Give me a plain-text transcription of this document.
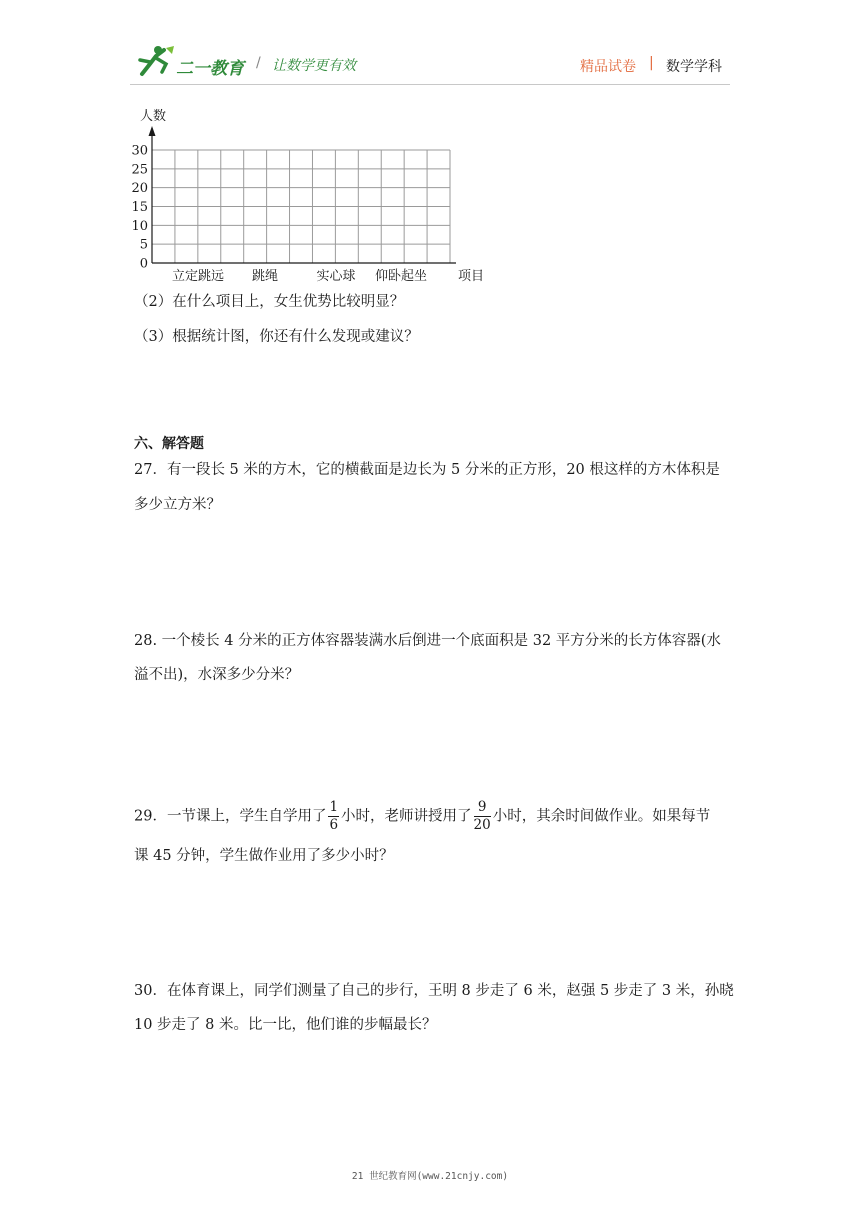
二一教育 / 让数学更有效	精品试卷 | 数学学科
0
5
10
15
20
25
30
立定跳远 跳绳	实心球 仰卧起坐
人数
项目
（2）在什么项目上，女生优势比较明显？
（3）根据统计图，你还有什么发现或建议？
六、解答题
27．有一段长 5 米的方木，它的横截面是边长为 5 分米的正方形，20 根这样的方木体积是
多少立方米？
28. 一个棱长 4 分米的正方体容器装满水后倒进一个底面积是 32 平方分米的长方体容器(水
溢不出)，水深多少分米？
29．一节课上，学生自学用了 $\frac{1}{6}$ 小时，老师讲授用了 $\frac{9}{20}$ 小时，其余时间做作业。如果每节
课 45 分钟，学生做作业用了多少小时？
30．在体育课上，同学们测量了自己的步行，王明 8 步走了 6 米，赵强 5 步走了 3 米，孙晓
10 步走了 8 米。比一比，他们谁的步幅最长？
21 世纪教育网(www.21cnjy.com)
